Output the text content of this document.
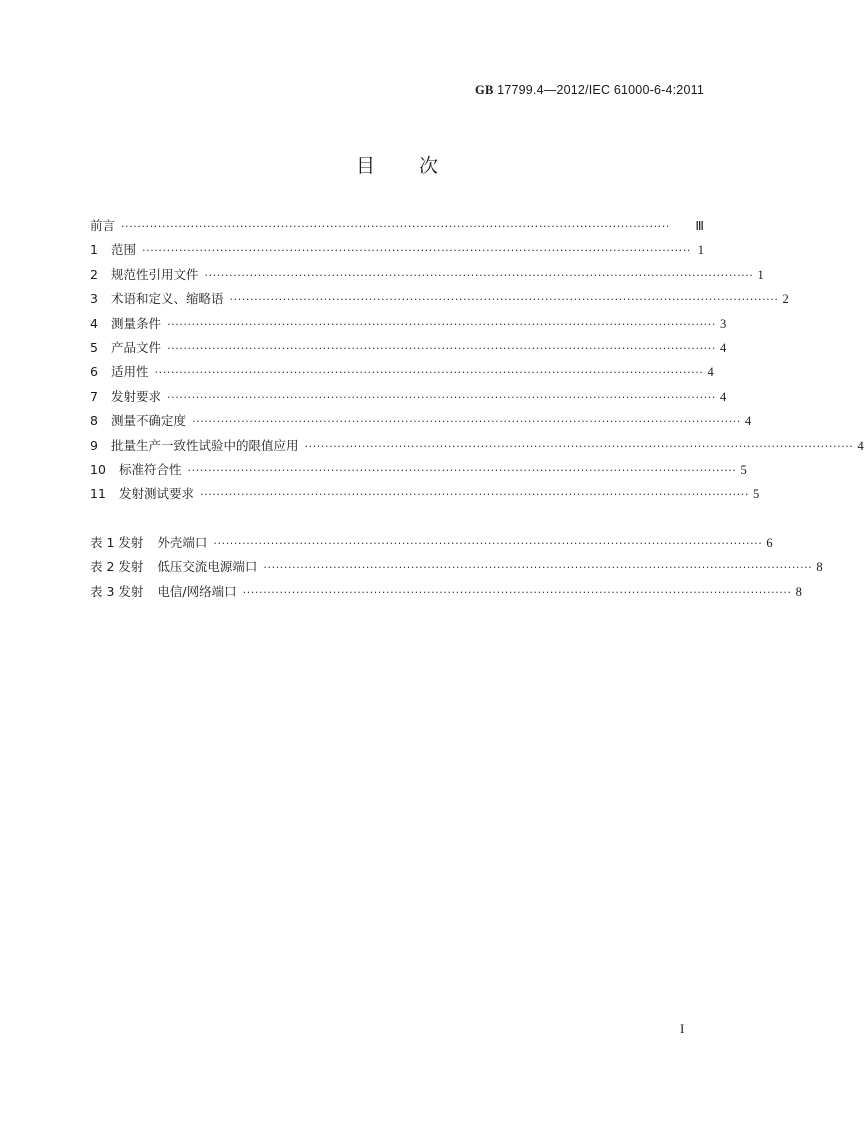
GB 17799.4—2012/IEC 61000-6-4:2011
目次
前言 ······································································································································	Ⅲ
1	范围 ······································································································································ 1
2	规范性引用文件 ······································································································································ 1
3	术语和定义、缩略语 ······································································································································ 2
4	测量条件 ······································································································································ 3
5	产品文件 ······································································································································ 4
6	适用性 ······································································································································ 4
7	发射要求 ······································································································································ 4
8	测量不确定度 ······································································································································ 4
9	批量生产一致性试验中的限值应用 ······································································································································ 4
10	标准符合性 ······································································································································ 5
11	发射测试要求 ······································································································································ 5
表 1 发射	外壳端口 ······································································································································ 6
表 2 发射	低压交流电源端口 ······································································································································ 8
表 3 发射	电信/网络端口 ······································································································································ 8
I
